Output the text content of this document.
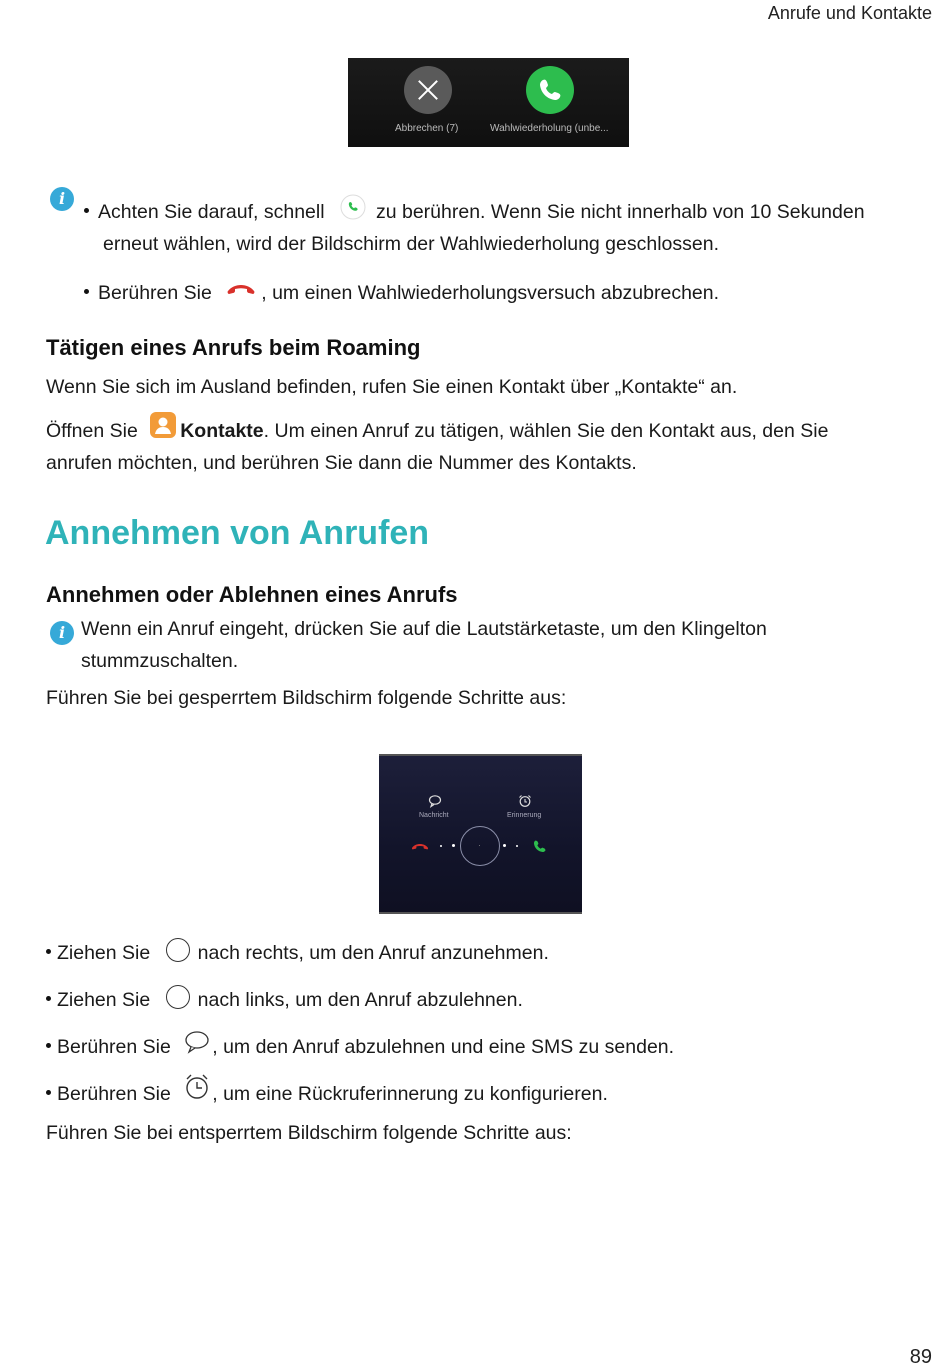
Anrufe und Kontakte
Abbrechen (7)	Wahlwiederholung (unbe...
i
Achten Sie darauf, schnell	zu berühren. Wenn Sie nicht innerhalb von 10 Sekunden
erneut wählen, wird der Bildschirm der Wahlwiederholung geschlossen.
Berühren Sie	, um einen Wahlwiederholungsversuch abzubrechen.
Tätigen eines Anrufs beim Roaming
Wenn Sie sich im Ausland befinden, rufen Sie einen Kontakt über „Kontakte“ an.
Öffnen Sie Kontakte. Um einen Anruf zu tätigen, wählen Sie den Kontakt aus, den Sie
anrufen möchten, und berühren Sie dann die Nummer des Kontakts.
Annehmen von Anrufen
Annehmen oder Ablehnen eines Anrufs
i Wenn ein Anruf eingeht, drücken Sie auf die Lautstärketaste, um den Klingelton
stummzuschalten.
Führen Sie bei gesperrtem Bildschirm folgende Schritte aus:
Nachricht	Erinnerung
Ziehen Sie nach rechts, um den Anruf anzunehmen.
Ziehen Sie nach links, um den Anruf abzulehnen.
Berühren Sie , um den Anruf abzulehnen und eine SMS zu senden.
Berühren Sie , um eine Rückruferinnerung zu konfigurieren.
Führen Sie bei entsperrtem Bildschirm folgende Schritte aus:
89
